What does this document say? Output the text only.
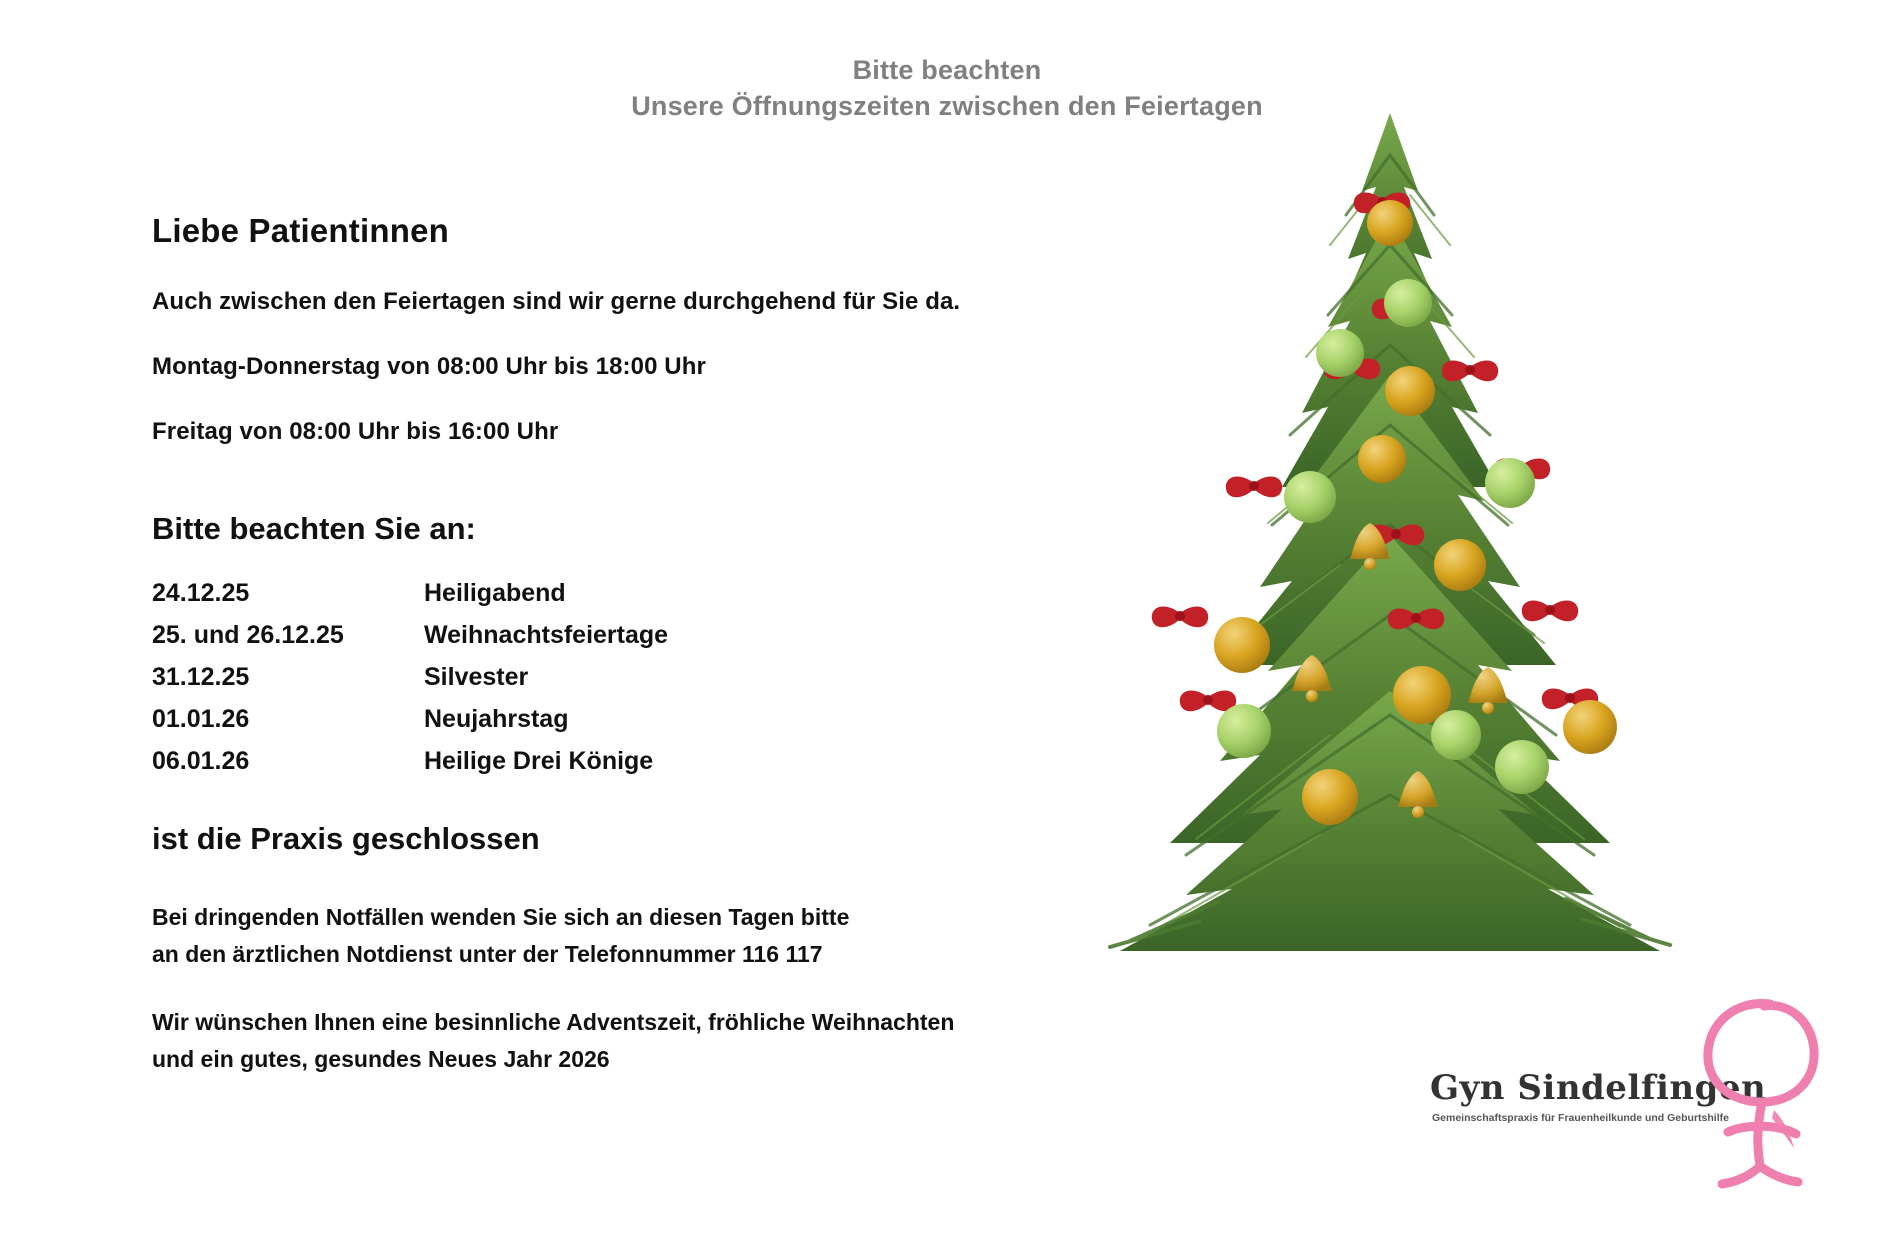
Bitte beachten
Unsere Öffnungszeiten zwischen den Feiertagen
Liebe Patientinnen

Auch zwischen den Feiertagen sind wir gerne durchgehend für Sie da.

Montag-Donnerstag von 08:00 Uhr bis 18:00 Uhr

Freitag von 08:00 Uhr bis 16:00 Uhr

Bitte beachten Sie an:
24.12.25	Heiligabend
25. und 26.12.25	Weihnachtsfeiertage
31.12.25	Silvester
01.01.26	Neujahrstag
06.01.26	Heilige Drei Könige
ist die Praxis geschlossen

Bei dringenden Notfällen wenden Sie sich an diesen Tagen bitte
an den ärztlichen Notdienst unter der Telefonnummer 116 117

Wir wünschen Ihnen eine besinnliche Adventszeit, fröhliche Weihnachten
und ein gutes, gesundes Neues Jahr 2026

Gyn Sindelfingen
Gemeinschaftspraxis für Frauenheilkunde und Geburtshilfe
